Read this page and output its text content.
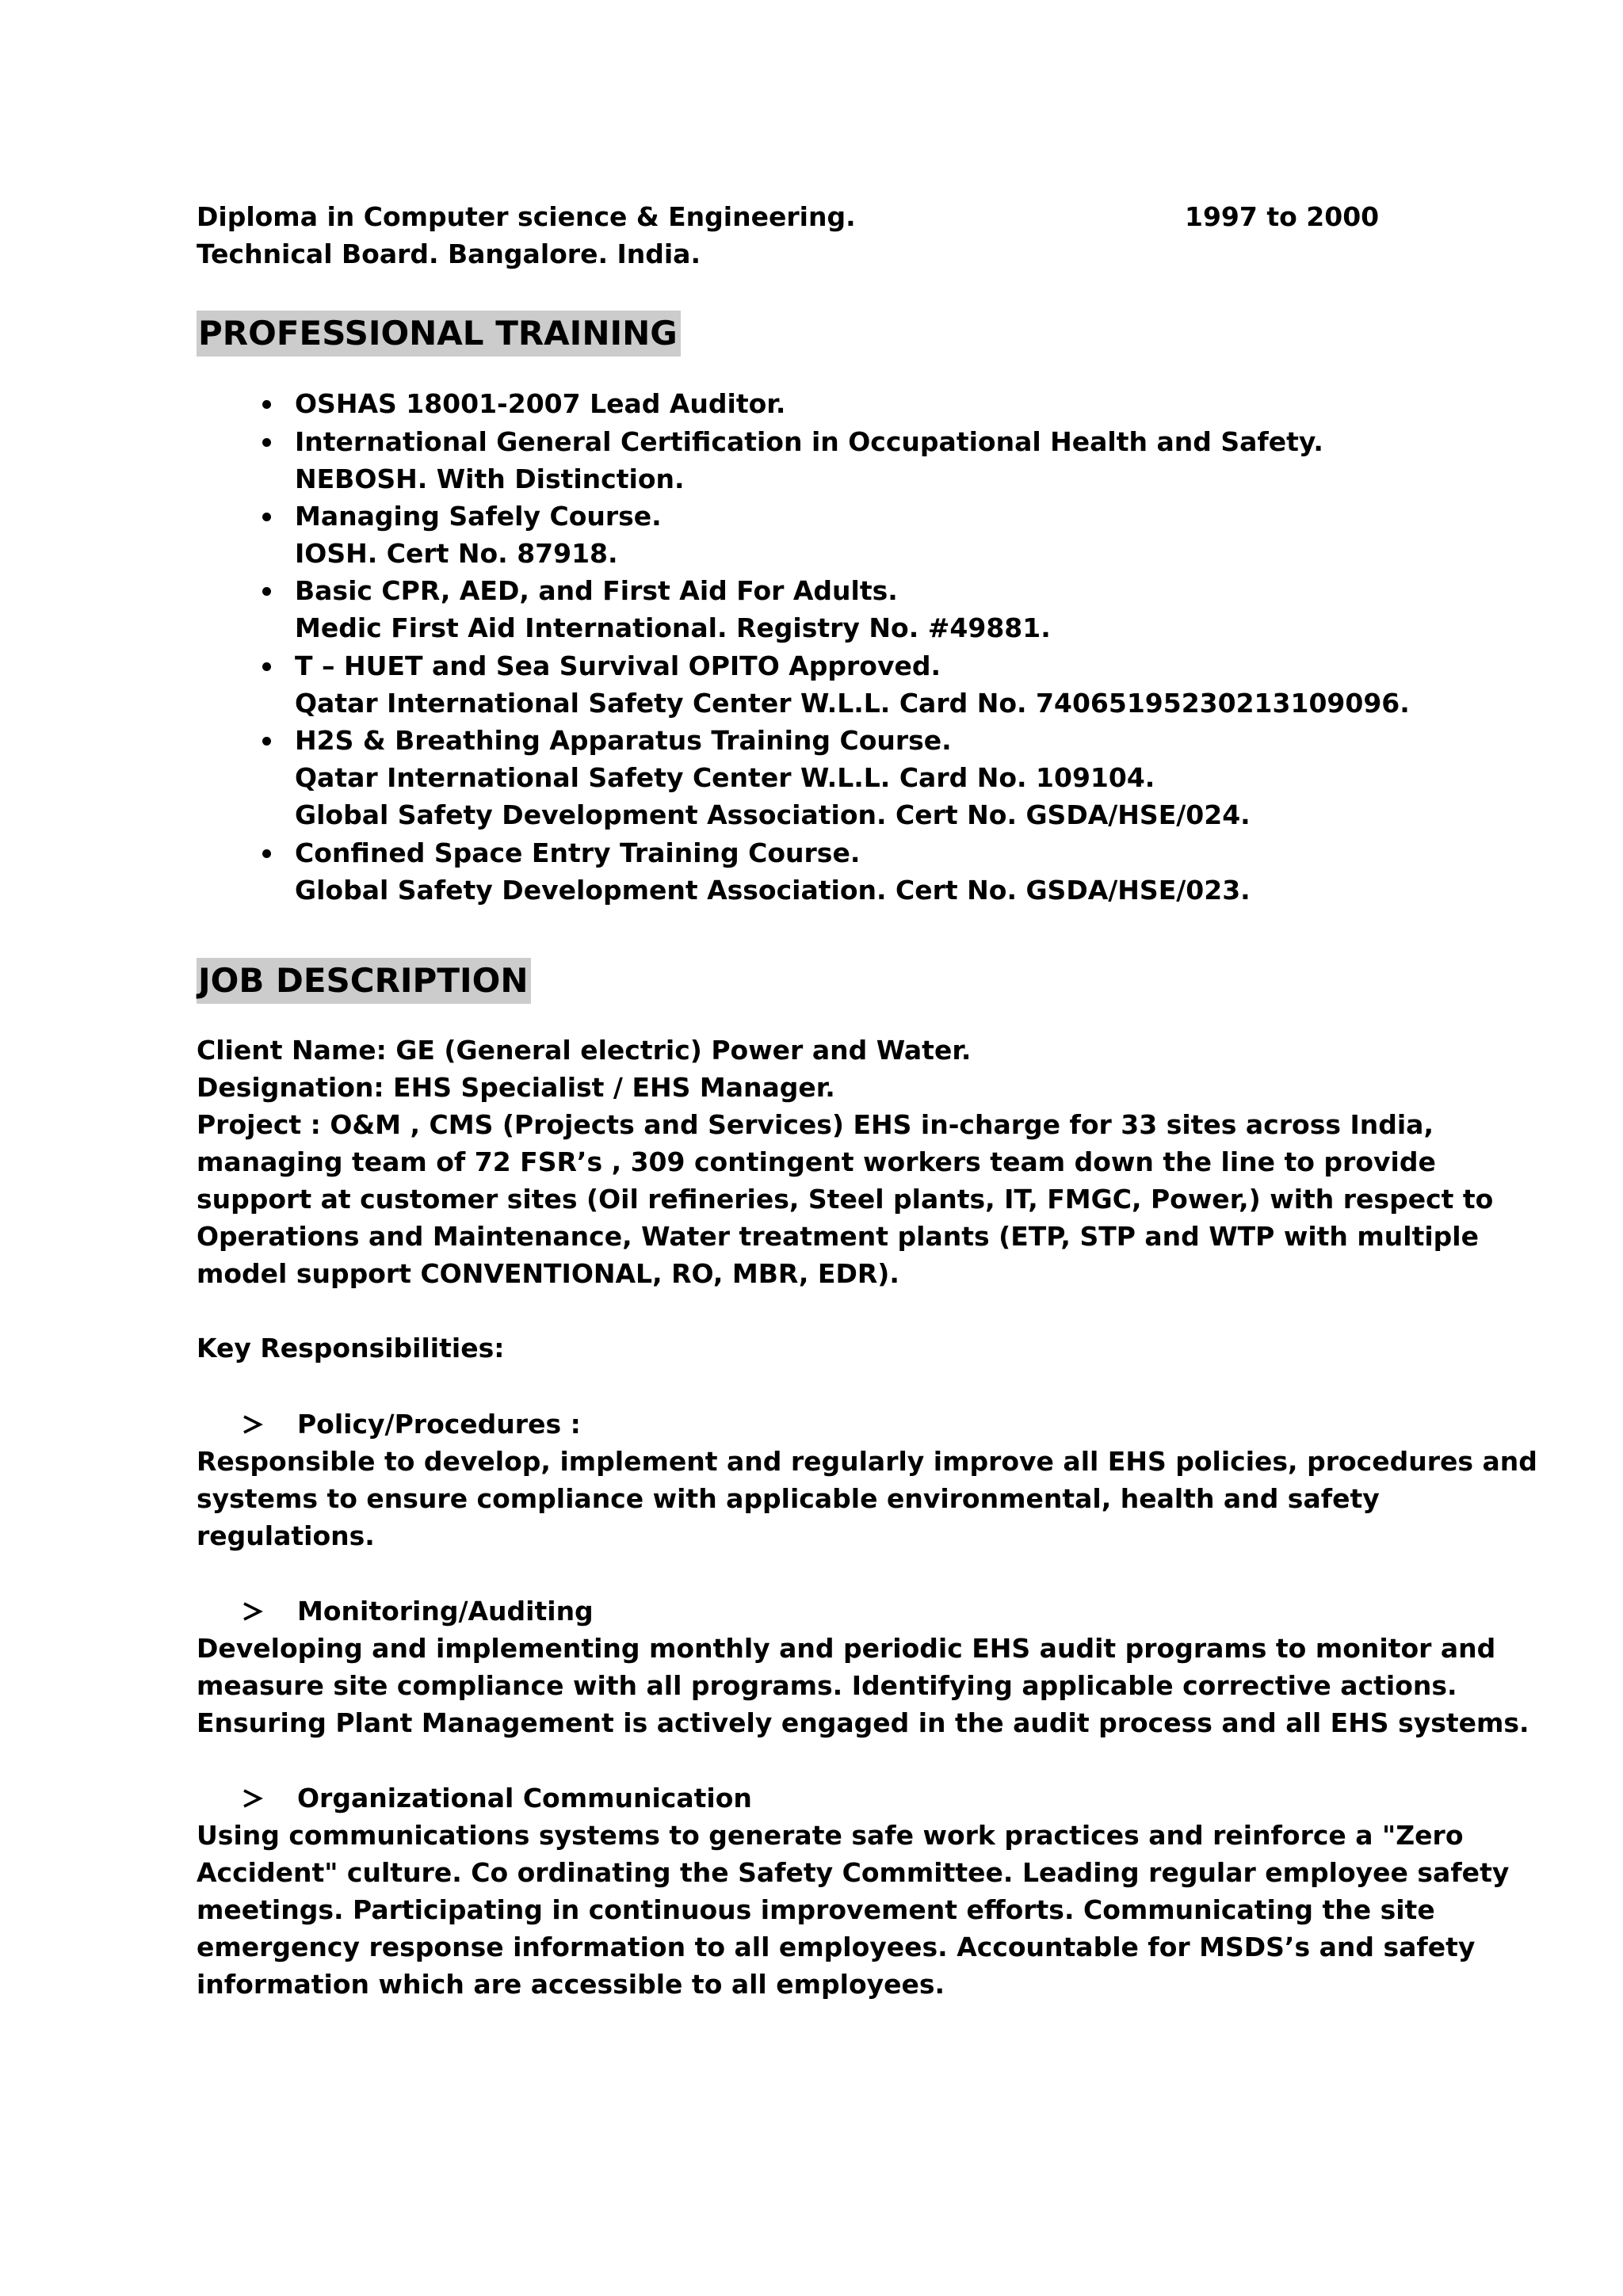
Diploma in Computer science & Engineering.	1997 to 2000
Technical Board. Bangalore. India.
PROFESSIONAL TRAINING
OSHAS 18001-2007 Lead Auditor.
International General Certification in Occupational Health and Safety.
NEBOSH. With Distinction.
Managing Safely Course.
IOSH. Cert No. 87918.
Basic CPR, AED, and First Aid For Adults.
Medic First Aid International. Registry No. #49881.
T – HUET and Sea Survival OPITO Approved.
Qatar International Safety Center W.L.L. Card No. 74065195230213109096.
H2S & Breathing Apparatus Training Course.
Qatar International Safety Center W.L.L. Card No. 109104.
Global Safety Development Association. Cert No. GSDA/HSE/024.
Confined Space Entry Training Course.
Global Safety Development Association. Cert No. GSDA/HSE/023.
JOB DESCRIPTION
Client Name: GE (General electric) Power and Water.
Designation: EHS Specialist / EHS Manager.
Project : O&M , CMS (Projects and Services) EHS in-charge for 33 sites across India,
managing team of 72 FSR’s , 309 contingent workers team down the line to provide
support at customer sites (Oil refineries, Steel plants, IT, FMGC, Power,) with respect to
Operations and Maintenance, Water treatment plants (ETP, STP and WTP with multiple
model support CONVENTIONAL, RO, MBR, EDR).
Key Responsibilities:
Policy/Procedures :
Responsible to develop, implement and regularly improve all EHS policies, procedures and
systems to ensure compliance with applicable environmental, health and safety
regulations.
Monitoring/Auditing
Developing and implementing monthly and periodic EHS audit programs to monitor and
measure site compliance with all programs. Identifying applicable corrective actions.
Ensuring Plant Management is actively engaged in the audit process and all EHS systems.
Organizational Communication
Using communications systems to generate safe work practices and reinforce a "Zero
Accident" culture. Co ordinating the Safety Committee. Leading regular employee safety
meetings. Participating in continuous improvement efforts. Communicating the site
emergency response information to all employees. Accountable for MSDS’s and safety
information which are accessible to all employees.
